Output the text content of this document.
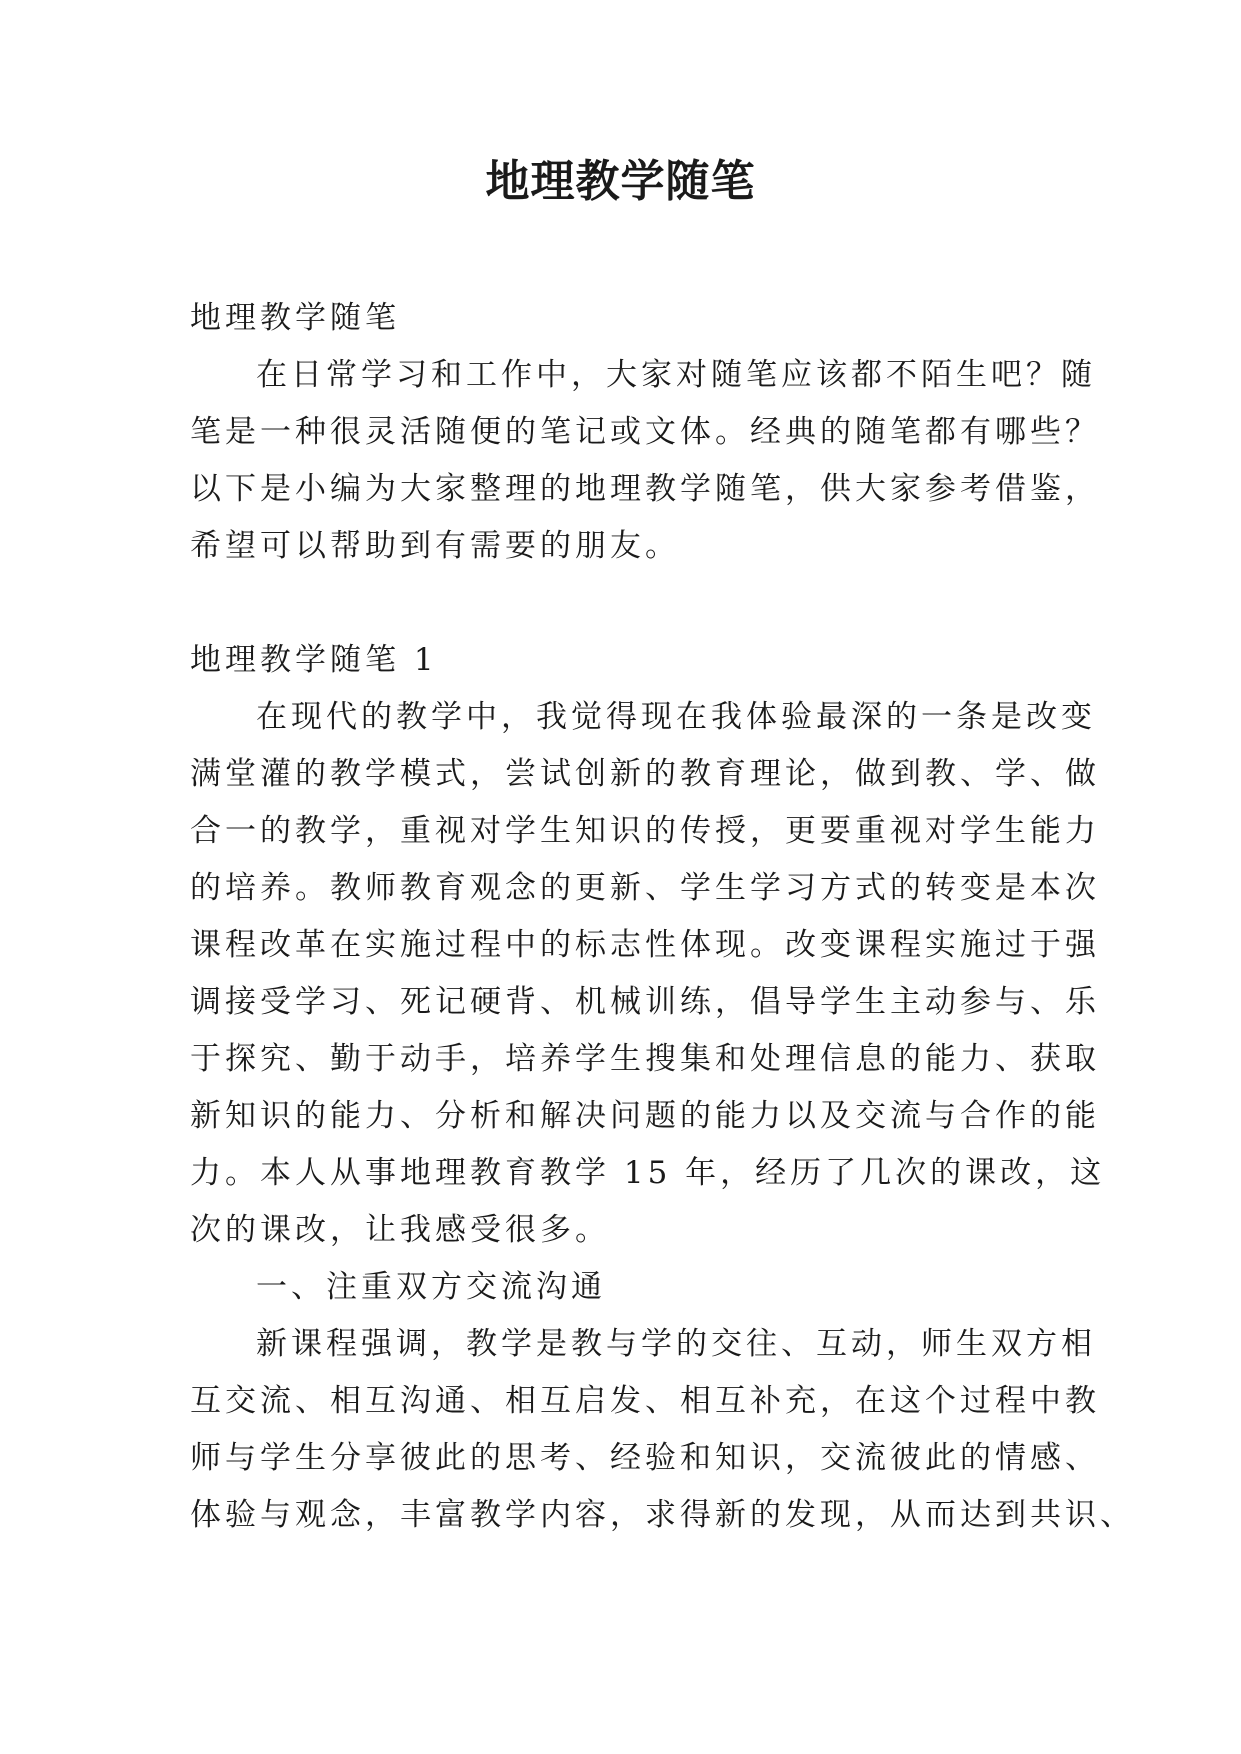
地理教学随笔
地理教学随笔
在日常学习和工作中，大家对随笔应该都不陌生吧？随
笔是一种很灵活随便的笔记或文体。经典的随笔都有哪些？
以下是小编为大家整理的地理教学随笔，供大家参考借鉴，
希望可以帮助到有需要的朋友。
地理教学随笔 1
在现代的教学中，我觉得现在我体验最深的一条是改变
满堂灌的教学模式，尝试创新的教育理论，做到教、学、做
合一的教学，重视对学生知识的传授，更要重视对学生能力
的培养。教师教育观念的更新、学生学习方式的转变是本次
课程改革在实施过程中的标志性体现。改变课程实施过于强
调接受学习、死记硬背、机械训练，倡导学生主动参与、乐
于探究、勤于动手，培养学生搜集和处理信息的能力、获取
新知识的能力、分析和解决问题的能力以及交流与合作的能
力。本人从事地理教育教学 15 年，经历了几次的课改，这
次的课改，让我感受很多。
一、注重双方交流沟通
新课程强调，教学是教与学的交往、互动，师生双方相
互交流、相互沟通、相互启发、相互补充，在这个过程中教
师与学生分享彼此的思考、经验和知识，交流彼此的情感、
体验与观念，丰富教学内容，求得新的发现，从而达到共识、
